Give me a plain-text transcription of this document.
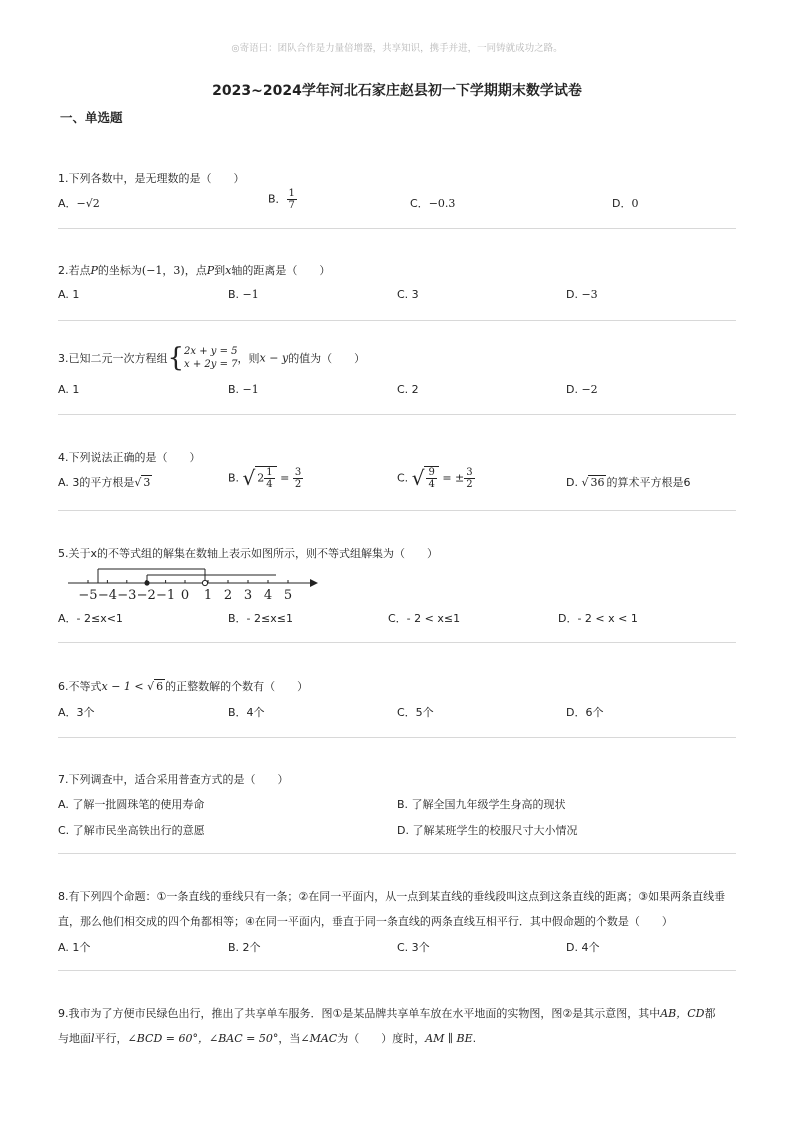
◎寄语曰：团队合作是力量倍增器，共享知识，携手并进，一同铸就成功之路。
2023~2024学年河北石家庄赵县初一下学期期末数学试卷
一、单选题
1.下列各数中，是无理数的是（　　）
A．−√2	B． $\frac{1}{7}$	C．−0.3	D．0
2.若点P的坐标为(−1，3)，点P到x轴的距离是（　　）
A. 1	B. −1	C. 3	D. −3
3.已知二元一次方程组{ 2x + y = 5
x + 2y = 7 ，则x − y的值为（　　）
A. 1	B. −1	C. 2	D. −2
4.下列说法正确的是（　　）
A. 3的平方根是√ 3	B. √ $2 \frac{1}{4} = \frac{3}{2}$	C. √ $\frac{9}{4}$ = ± $\frac{3}{2}$	D. √ 36 的算术平方根是6
5.关于x的不等式组的解集在数轴上表示如图所示，则不等式组解集为（　　）
−5 −4 −3 −2 −1 0 1 2 3 4 5
A．- 2≤x<1	B．- 2≤x≤1	C．- 2 < x≤1	D．- 2 < x < 1
6.不等式x − 1 < √ 6 的正整数解的个数有（　　）
A．3个	B．4个	C．5个	D．6个
7.下列调查中，适合采用普查方式的是（　　）
A. 了解一批圆珠笔的使用寿命	B. 了解全国九年级学生身高的现状
C. 了解市民坐高铁出行的意愿	D. 了解某班学生的校服尺寸大小情况
8.有下列四个命题：①一条直线的垂线只有一条；②在同一平面内，从一点到某直线的垂线段叫这点到这条直线的距离；③如果两条直线垂
直，那么他们相交成的四个角都相等；④在同一平面内，垂直于同一条直线的两条直线互相平行．其中假命题的个数是（　　）
A. 1个	B. 2个	C. 3个	D. 4个
9.我市为了方便市民绿色出行，推出了共享单车服务．图①是某品牌共享单车放在水平地面的实物图，图②是其示意图，其中AB，CD都
与地面l平行，∠BCD = 60°，∠BAC = 50°，当∠MAC为（　　）度时，AM ∥ BE.
